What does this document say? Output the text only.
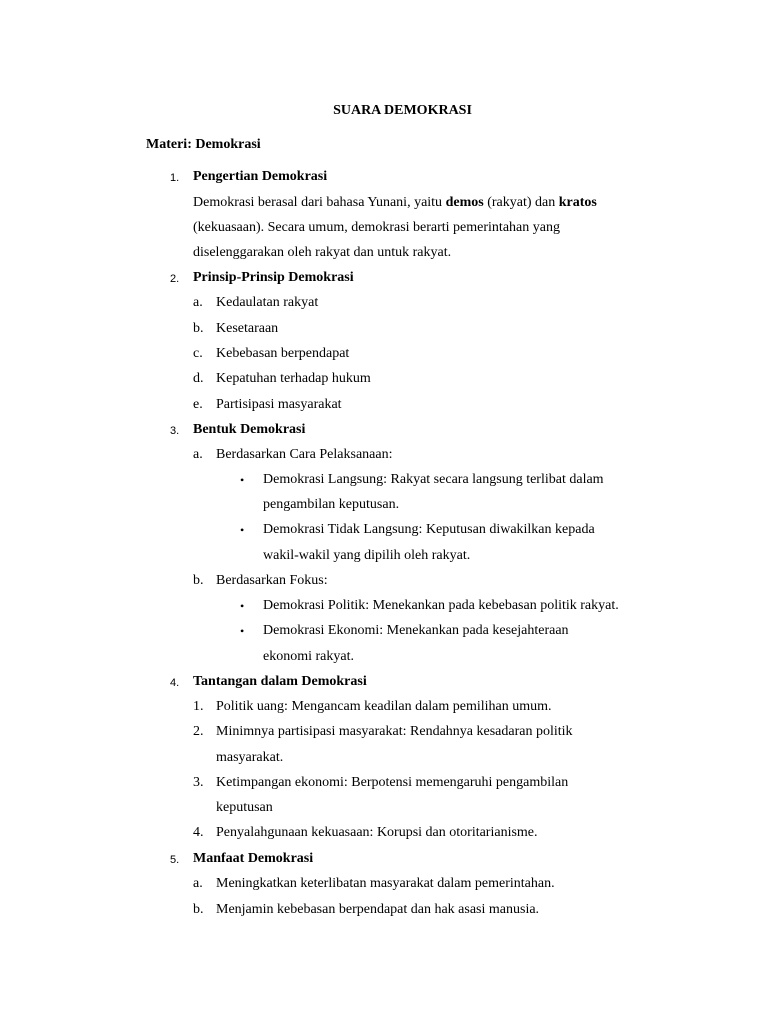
SUARA DEMOKRASI
Materi: Demokrasi
1. Pengertian Demokrasi
Demokrasi berasal dari bahasa Yunani, yaitu demos (rakyat) dan kratos
(kekuasaan). Secara umum, demokrasi berarti pemerintahan yang
diselenggarakan oleh rakyat dan untuk rakyat.
2. Prinsip-Prinsip Demokrasi
a. Kedaulatan rakyat
b. Kesetaraan
c. Kebebasan berpendapat
d. Kepatuhan terhadap hukum
e. Partisipasi masyarakat
3. Bentuk Demokrasi
a. Berdasarkan Cara Pelaksanaan:
• Demokrasi Langsung: Rakyat secara langsung terlibat dalam
pengambilan keputusan.
• Demokrasi Tidak Langsung: Keputusan diwakilkan kepada
wakil-wakil yang dipilih oleh rakyat.
b. Berdasarkan Fokus:
• Demokrasi Politik: Menekankan pada kebebasan politik rakyat.
• Demokrasi Ekonomi: Menekankan pada kesejahteraan
ekonomi rakyat.
4. Tantangan dalam Demokrasi
1. Politik uang: Mengancam keadilan dalam pemilihan umum.
2. Minimnya partisipasi masyarakat: Rendahnya kesadaran politik
masyarakat.
3. Ketimpangan ekonomi: Berpotensi memengaruhi pengambilan
keputusan
4. Penyalahgunaan kekuasaan: Korupsi dan otoritarianisme.
5. Manfaat Demokrasi
a. Meningkatkan keterlibatan masyarakat dalam pemerintahan.
b. Menjamin kebebasan berpendapat dan hak asasi manusia.
